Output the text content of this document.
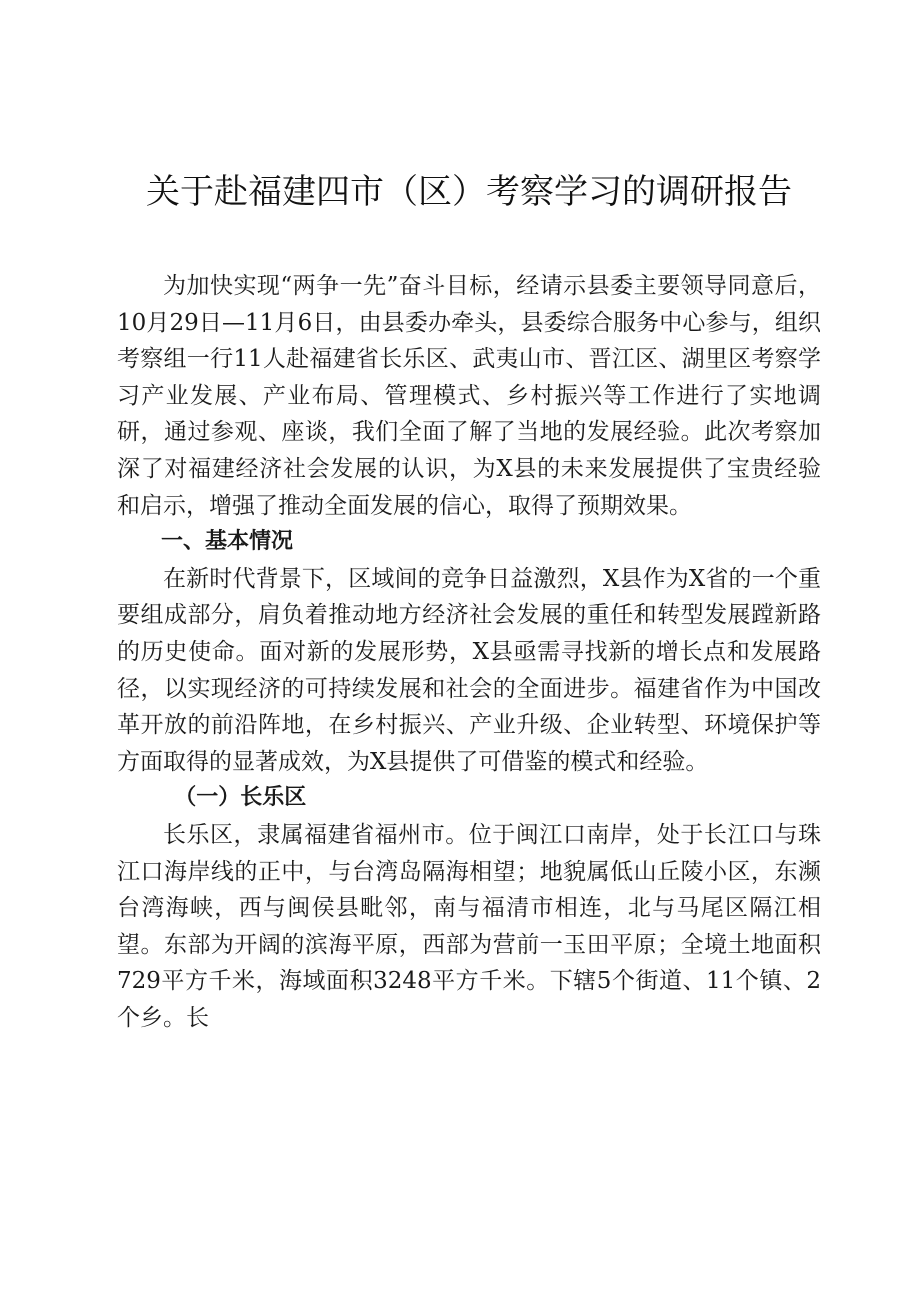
关于赴福建四市（区）考察学习的调研报告

为加快实现“两争一先”奋斗目标，经请示县委主要领导同意后，10月29日—11月6日，由县委办牵头，县委综合服务中心参与，组织考察组一行11人赴福建省长乐区、武夷山市、晋江区、湖里区考察学习产业发展、产业布局、管理模式、乡村振兴等工作进行了实地调研，通过参观、座谈，我们全面了解了当地的发展经验。此次考察加深了对福建经济社会发展的认识，为X县的未来发展提供了宝贵经验和启示，增强了推动全面发展的信心，取得了预期效果。

一、基本情况

在新时代背景下，区域间的竞争日益激烈，X县作为X省的一个重要组成部分，肩负着推动地方经济社会发展的重任和转型发展蹚新路的历史使命。面对新的发展形势，X县亟需寻找新的增长点和发展路径，以实现经济的可持续发展和社会的全面进步。福建省作为中国改革开放的前沿阵地，在乡村振兴、产业升级、企业转型、环境保护等方面取得的显著成效，为X县提供了可借鉴的模式和经验。

（一）长乐区

长乐区，隶属福建省福州市。位于闽江口南岸，处于长江口与珠江口海岸线的正中，与台湾岛隔海相望；地貌属低山丘陵小区，东濒台湾海峡，西与闽侯县毗邻，南与福清市相连，北与马尾区隔江相望。东部为开阔的滨海平原，西部为营前一玉田平原；全境土地面积729平方千米，海域面积3248平方千米。下辖5个街道、11个镇、2个乡。长
